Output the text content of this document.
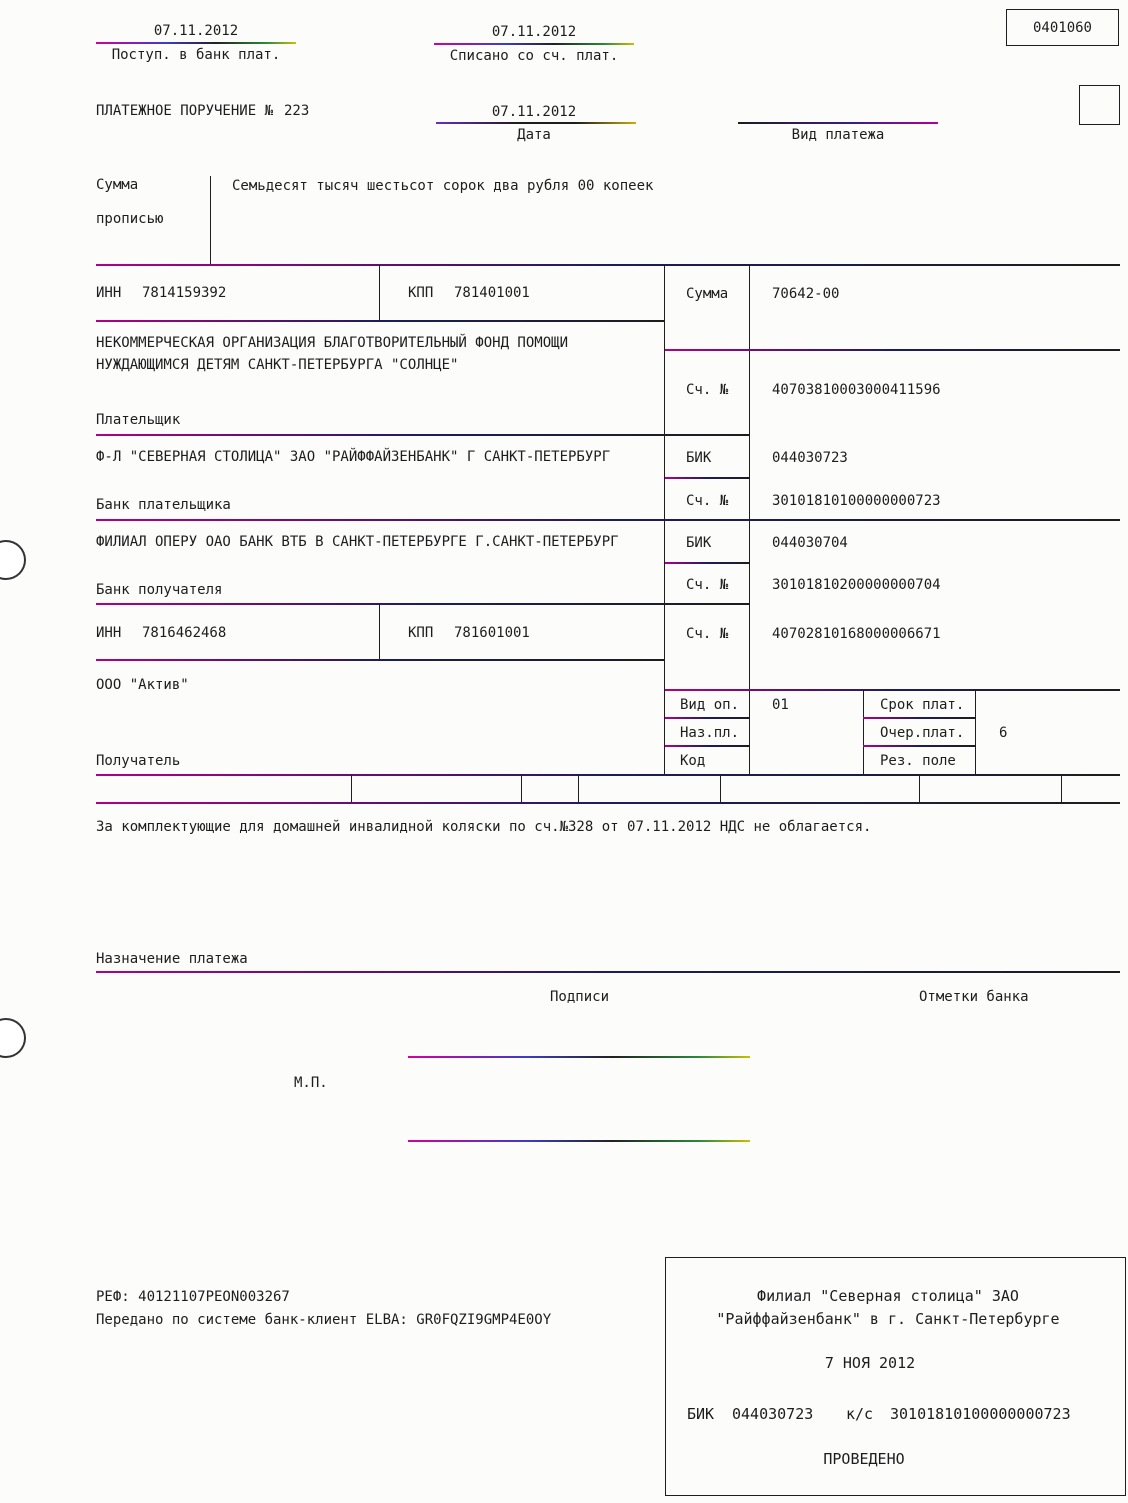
07.11.2012
Поступ. в банк плат.
07.11.2012
Списано со сч. плат.
0401060
ПЛАТЕЖНОЕ ПОРУЧЕНИЕ № 223	07.11.2012
Дата	Вид платежа
Сумма
прописью
Семьдесят тысяч шестьсот сорок два рубля 00 копеек
ИНН 7814159392	КПП 781401001	Сумма	70642-00
НЕКОММЕРЧЕСКАЯ ОРГАНИЗАЦИЯ БЛАГОТВОРИТЕЛЬНЫЙ ФОНД ПОМОЩИ
НУЖДАЮЩИМСЯ ДЕТЯМ САНКТ-ПЕТЕРБУРГА "СОЛНЦЕ"
Сч. №	40703810003000411596
Плательщик
Ф-Л "СЕВЕРНАЯ СТОЛИЦА" ЗАО "РАЙФФАЙЗЕНБАНК" Г САНКТ-ПЕТЕРБУРГ	БИК	044030723
Сч. №	30101810100000000723
Банк плательщика
ФИЛИАЛ ОПЕРУ ОАО БАНК ВТБ В САНКТ-ПЕТЕРБУРГЕ Г.САНКТ-ПЕТЕРБУРГ	БИК	044030704
Сч. №	30101810200000000704
Банк получателя
ИНН 7816462468	КПП 781601001	Сч. №	40702810168000006671
ООО "Актив"
Вид оп. 01	Срок плат.
Наз.пл.	Очер.плат. 6
Код	Рез. поле
Получатель
За комплектующие для домашней инвалидной коляски по сч.№328 от 07.11.2012 НДС не облагается.
Назначение платежа
Подписи	Отметки банка
М.П.
РЕФ: 40121107PEON003267
Передано по системе банк-клиент ELBA: GR0FQZI9GMP4E0OY
Филиал "Северная столица" ЗАО
"Райффайзенбанк" в г. Санкт-Петербурге
7 НОЯ 2012
БИК 044030723 к/с 30101810100000000723
ПРОВЕДЕНО
